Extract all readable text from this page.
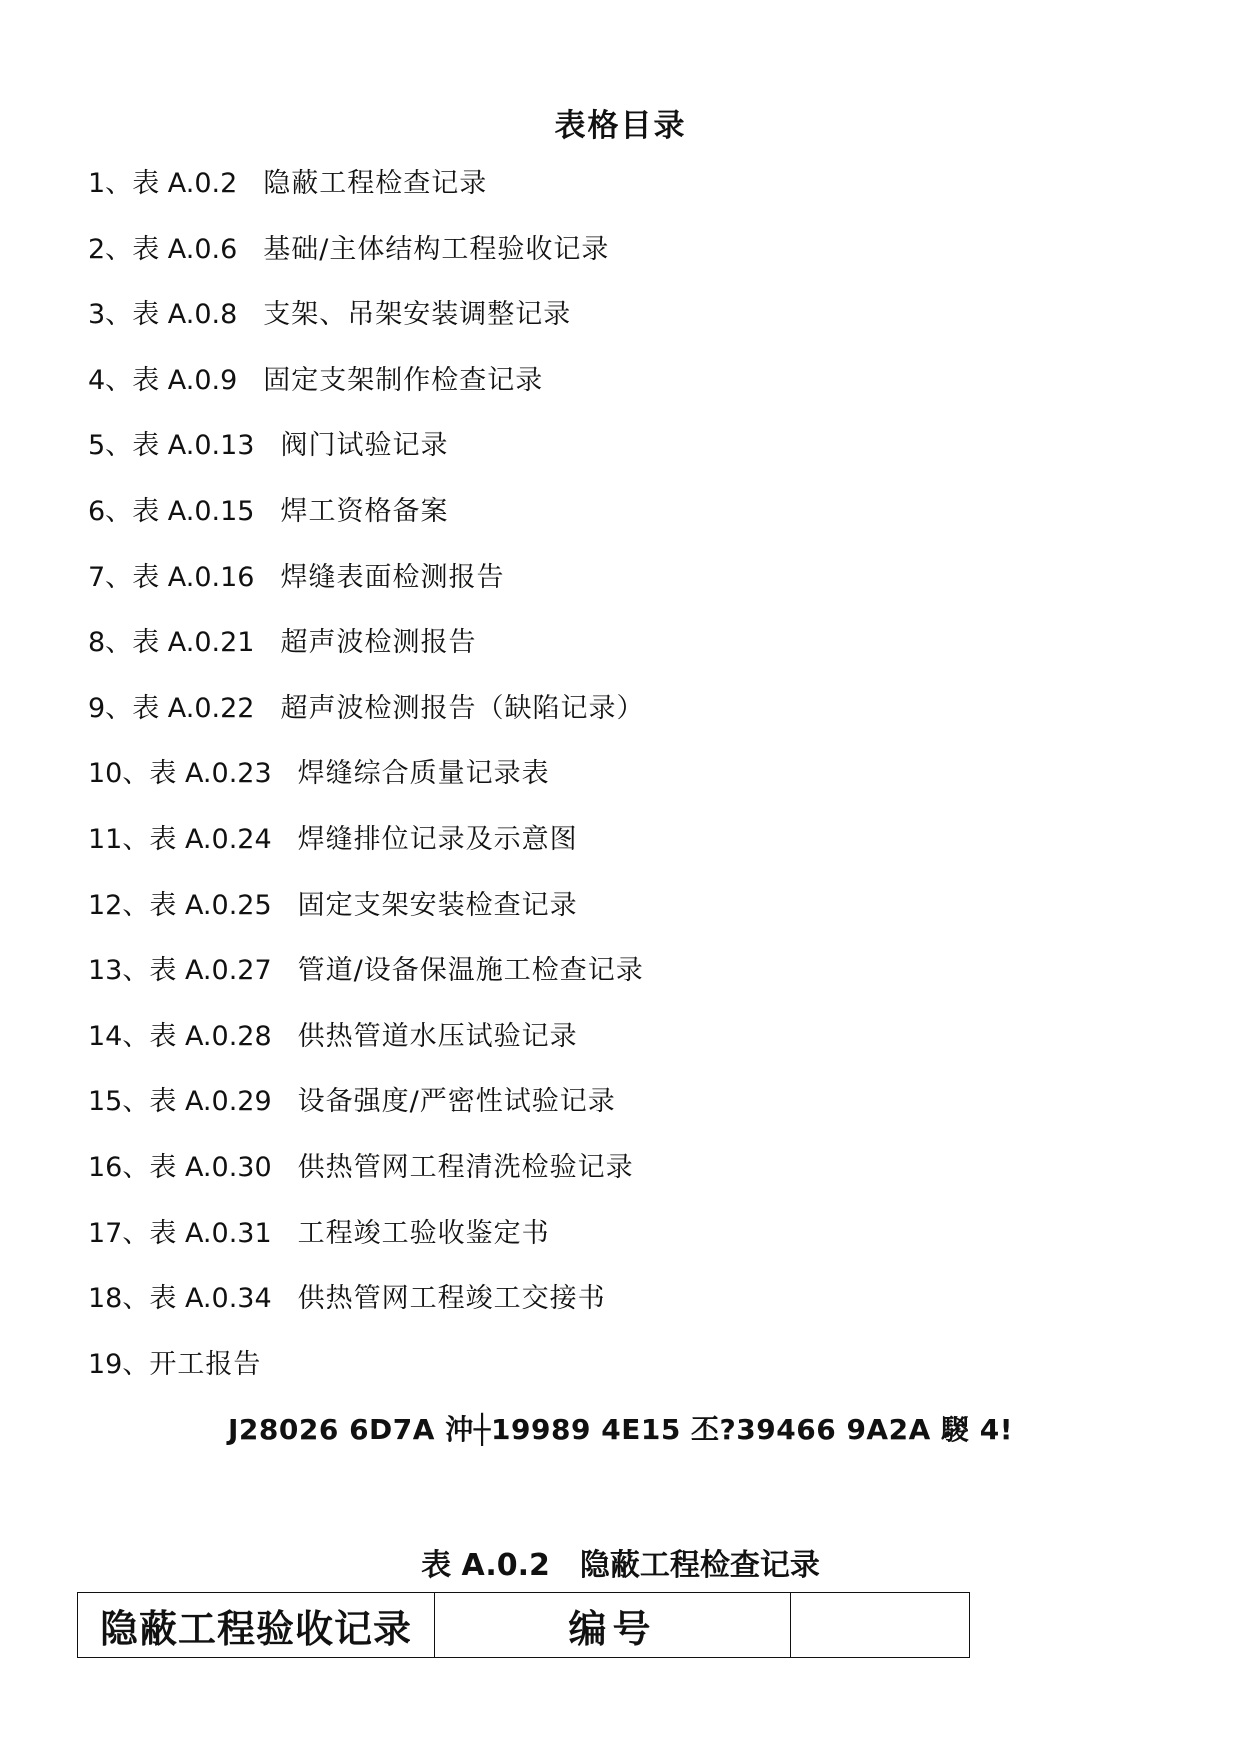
表格目录
1、表 A.0.2 隐蔽工程检查记录
2、表 A.0.6 基础/主体结构工程验收记录
3、表 A.0.8 支架、吊架安装调整记录
4、表 A.0.9 固定支架制作检查记录
5、表 A.0.13 阀门试验记录
6、表 A.0.15 焊工资格备案
7、表 A.0.16 焊缝表面检测报告
8、表 A.0.21 超声波检测报告
9、表 A.0.22 超声波检测报告（缺陷记录）
10、表 A.0.23 焊缝综合质量记录表
11、表 A.0.24 焊缝排位记录及示意图
12、表 A.0.25 固定支架安装检查记录
13、表 A.0.27 管道/设备保温施工检查记录
14、表 A.0.28 供热管道水压试验记录
15、表 A.0.29 设备强度/严密性试验记录
16、表 A.0.30 供热管网工程清洗检验记录
17、表 A.0.31 工程竣工验收鉴定书
18、表 A.0.34 供热管网工程竣工交接书
19、开工报告
J28026 6D7A 沖┼19989 4E15 丕?39466 9A2A 騣 4!
表 A.0.2 隐蔽工程检查记录
隐蔽工程验收记录	编号	
